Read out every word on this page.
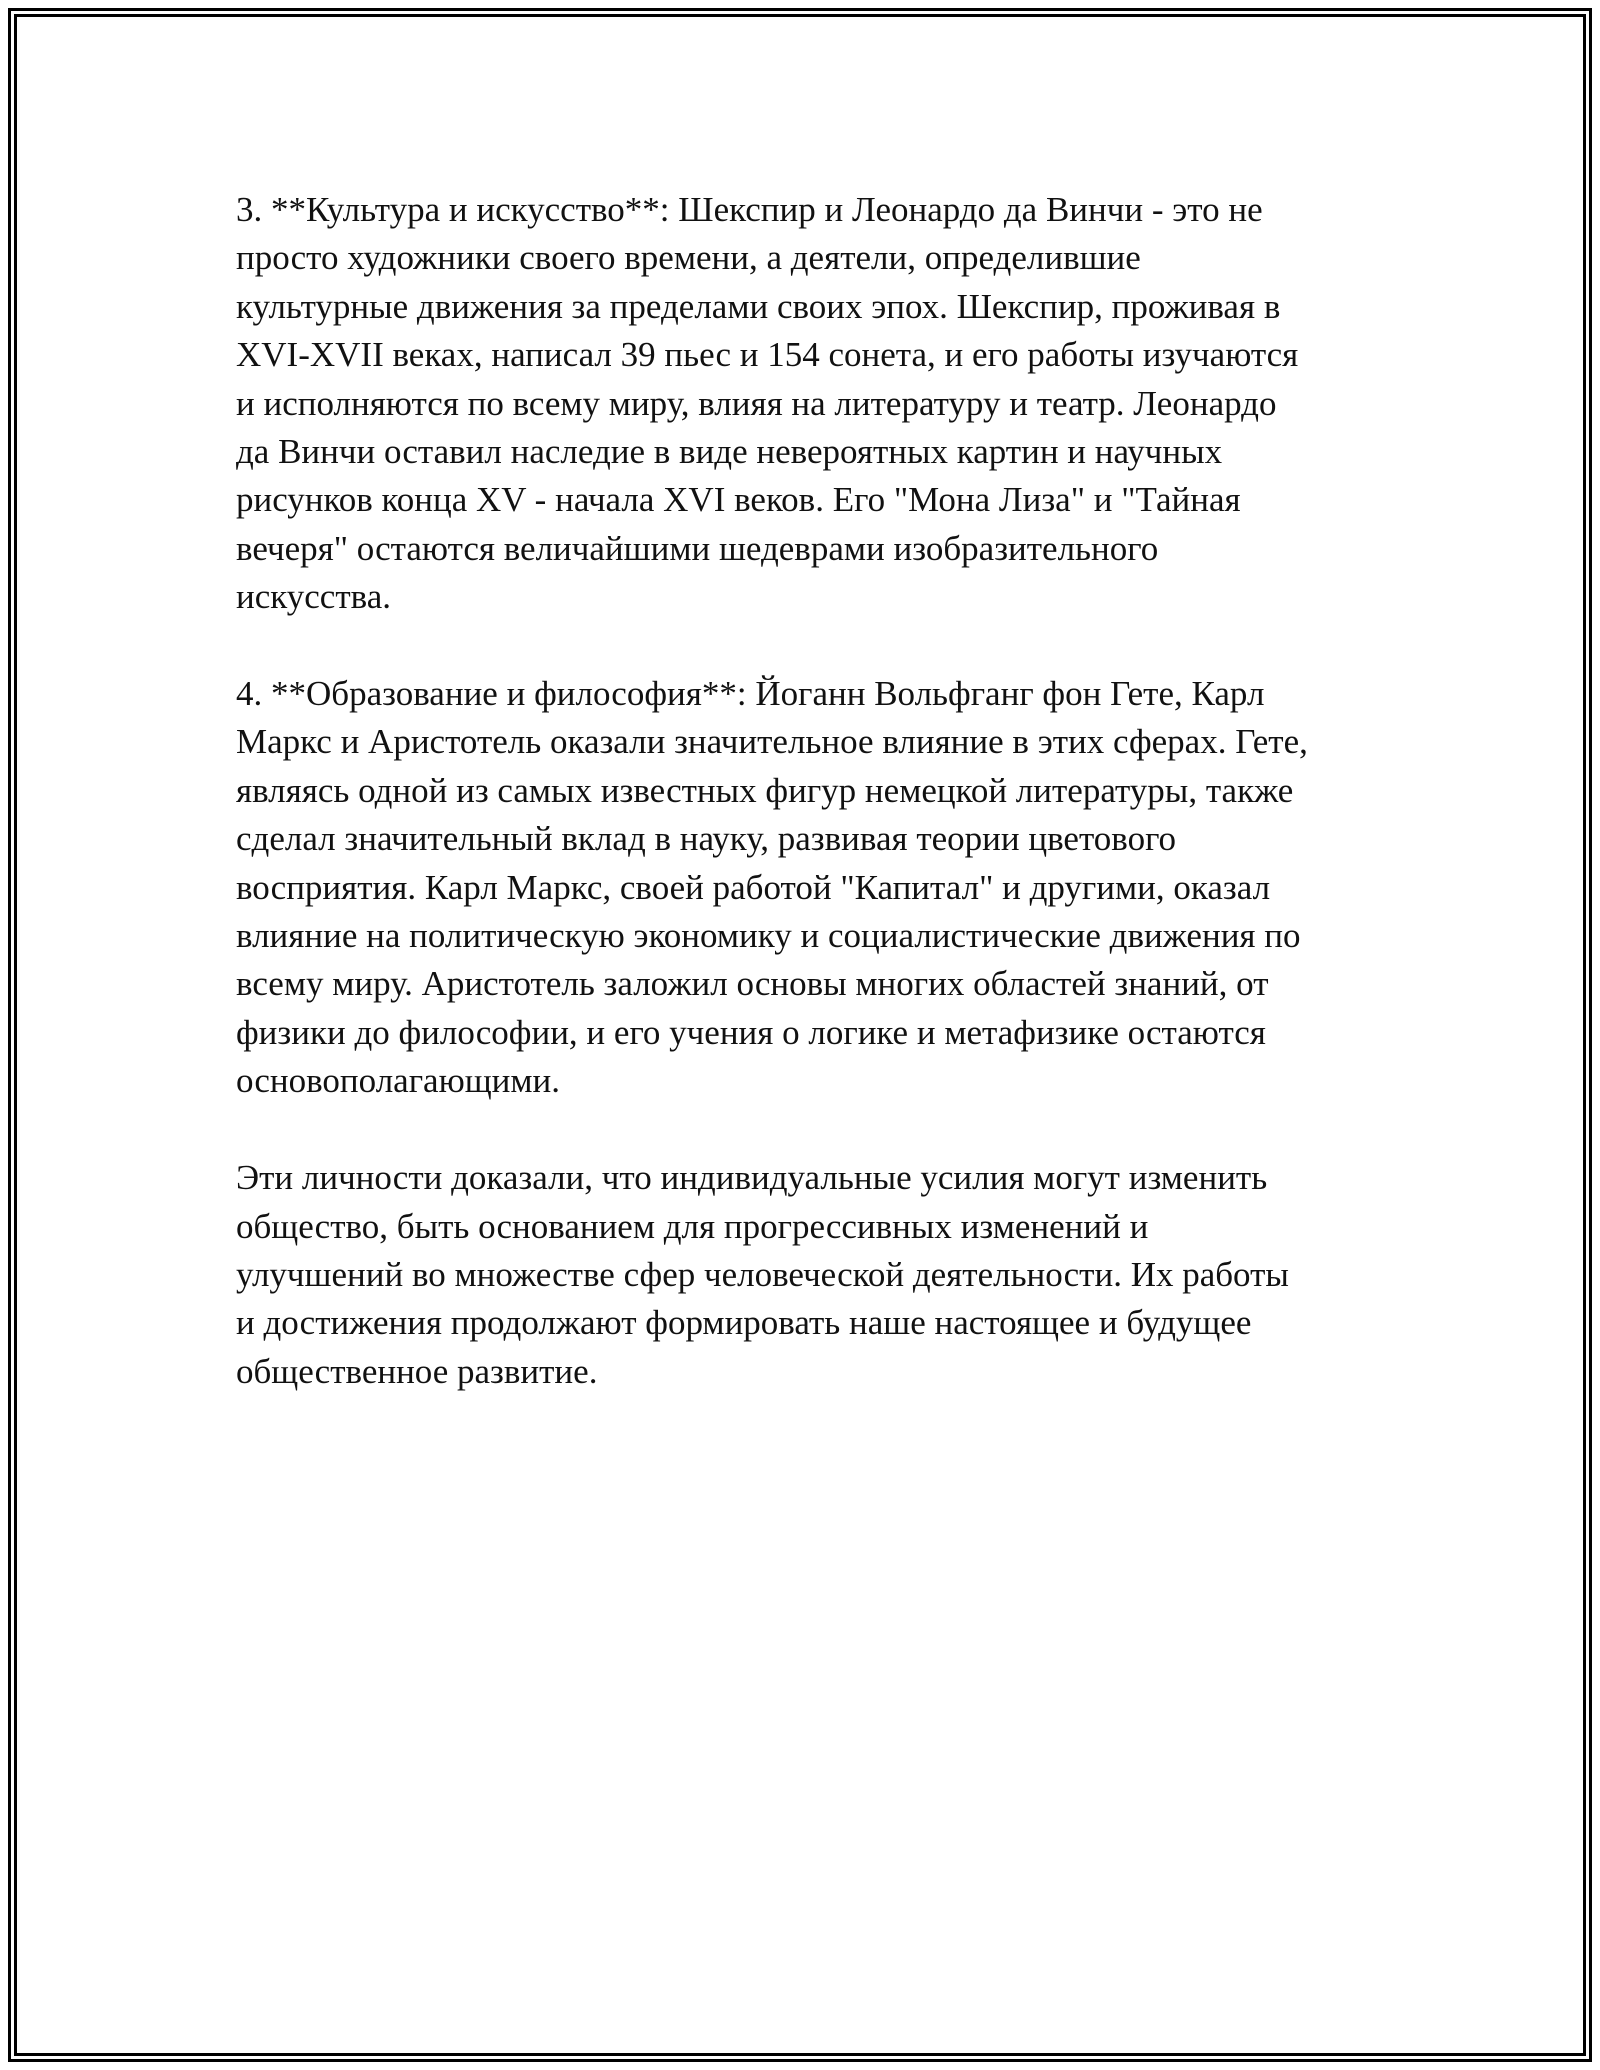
3. **Культура и искусство**: Шекспир и Леонардо да Винчи - это не
просто художники своего времени, а деятели, определившие
культурные движения за пределами своих эпох. Шекспир, проживая в
XVI-XVII веках, написал 39 пьес и 154 сонета, и его работы изучаются
и исполняются по всему миру, влияя на литературу и театр. Леонардо
да Винчи оставил наследие в виде невероятных картин и научных
рисунков конца XV - начала XVI веков. Его "Мона Лиза" и "Тайная
вечеря" остаются величайшими шедеврами изобразительного
искусства.

4. **Образование и философия**: Йоганн Вольфганг фон Гете, Карл
Маркс и Аристотель оказали значительное влияние в этих сферах. Гете,
являясь одной из самых известных фигур немецкой литературы, также
сделал значительный вклад в науку, развивая теории цветового
восприятия. Карл Маркс, своей работой "Капитал" и другими, оказал
влияние на политическую экономику и социалистические движения по
всему миру. Аристотель заложил основы многих областей знаний, от
физики до философии, и его учения о логике и метафизике остаются
основополагающими.

Эти личности доказали, что индивидуальные усилия могут изменить
общество, быть основанием для прогрессивных изменений и
улучшений во множестве сфер человеческой деятельности. Их работы
и достижения продолжают формировать наше настоящее и будущее
общественное развитие.
